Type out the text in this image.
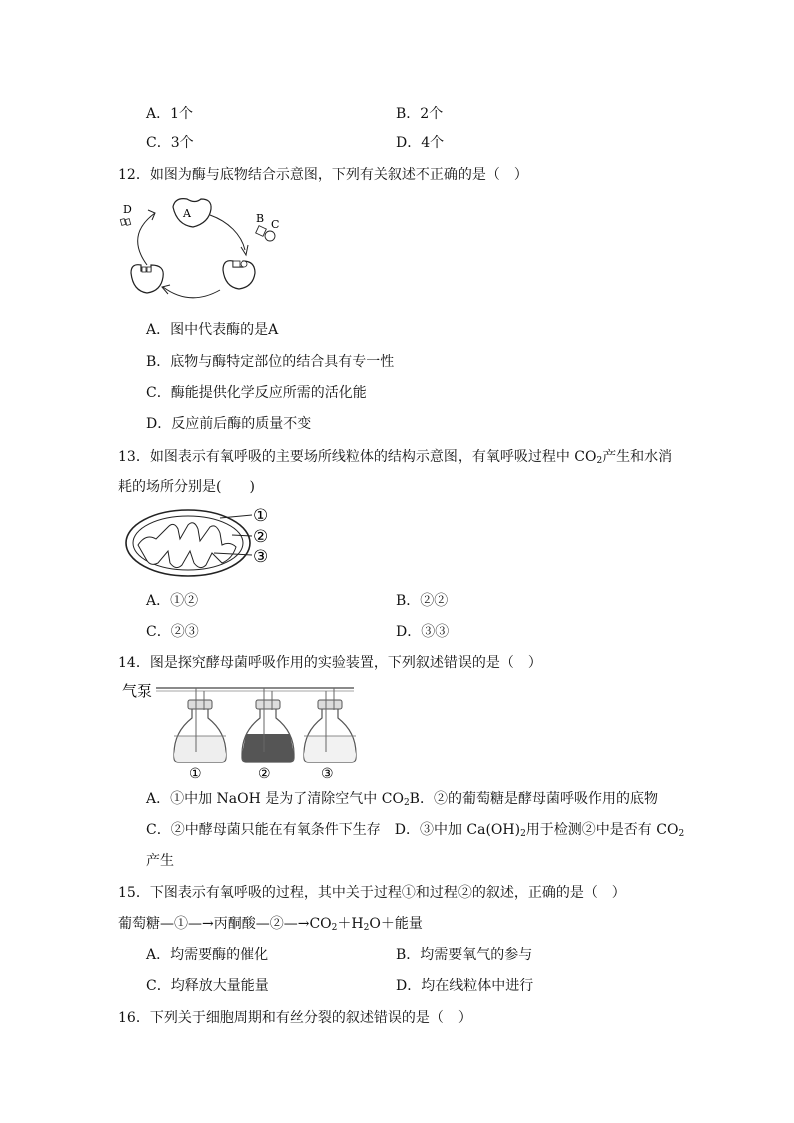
A．1个	B．2个
C．3个	D．4个
12．如图为酶与底物结合示意图，下列有关叙述不正确的是（　）
A	B C
D
A．图中代表酶的是A
B．底物与酶特定部位的结合具有专一性
C．酶能提供化学反应所需的活化能
D．反应前后酶的质量不变
13．如图表示有氧呼吸的主要场所线粒体的结构示意图，有氧呼吸过程中 $CO_2$产生和水消
耗的场所分别是(　　)
①
②
③
A．①②	B．②②
C．②③	D．③③
14．图是探究酵母菌呼吸作用的实验装置，下列叙述错误的是（　）
气泵
①	②	③
A．①中加 NaOH 是为了清除空气中 $CO_2B$．②的葡萄糖是酵母菌呼吸作用的底物
C．②中酵母菌只能在有氧条件下生存　 D．③中加 $Ca(OH)_2$用于检测②中是否有 $CO_2$
产生
15．下图表示有氧呼吸的过程，其中关于过程①和过程②的叙述，正确的是（　）
葡萄糖—①—→丙酮酸$—②—\to CO_2+H_2O+$能量
A．均需要酶的催化	B．均需要氧气的参与
C．均释放大量能量	D．均在线粒体中进行
16．下列关于细胞周期和有丝分裂的叙述错误的是（　）
